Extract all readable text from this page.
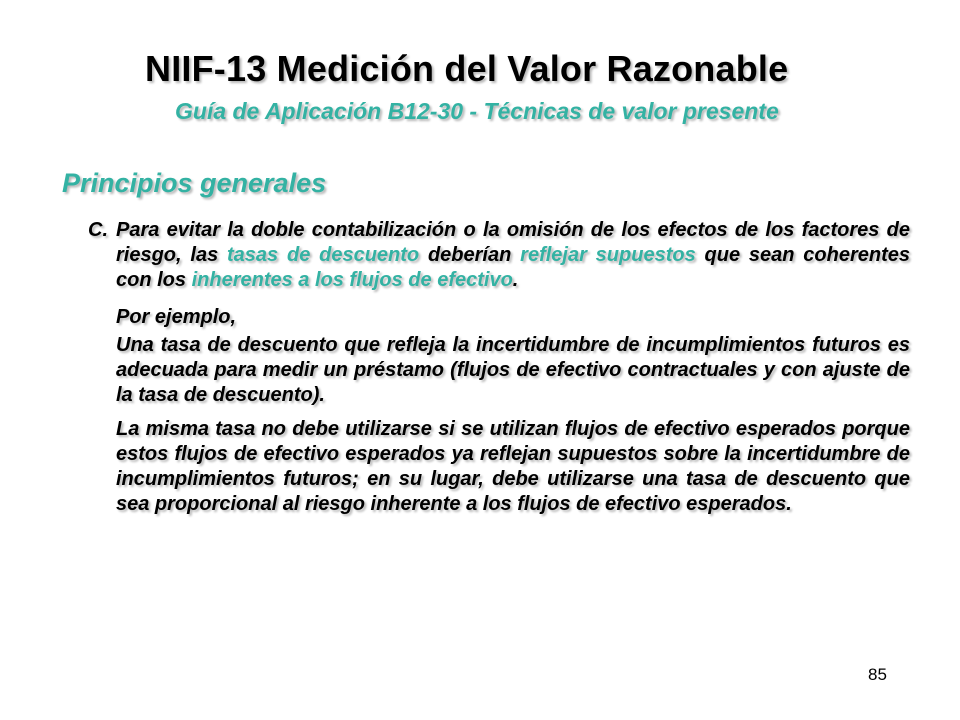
NIIF-13 Medición del Valor Razonable
Guía de Aplicación B12-30 - Técnicas de valor presente
Principios generales
C. Para evitar la doble contabilización o la omisión de los efectos de los factores de riesgo, las tasas de descuento deberían reflejar supuestos que sean coherentes con los inherentes a los flujos de efectivo.

Por ejemplo,

Una tasa de descuento que refleja la incertidumbre de incumplimientos futuros es adecuada para medir un préstamo (flujos de efectivo contractuales y con ajuste de la tasa de descuento).

La misma tasa no debe utilizarse si se utilizan flujos de efectivo esperados porque estos flujos de efectivo esperados ya reflejan supuestos sobre la incertidumbre de incumplimientos futuros; en su lugar, debe utilizarse una tasa de descuento que sea proporcional al riesgo inherente a los flujos de efectivo esperados.

85
